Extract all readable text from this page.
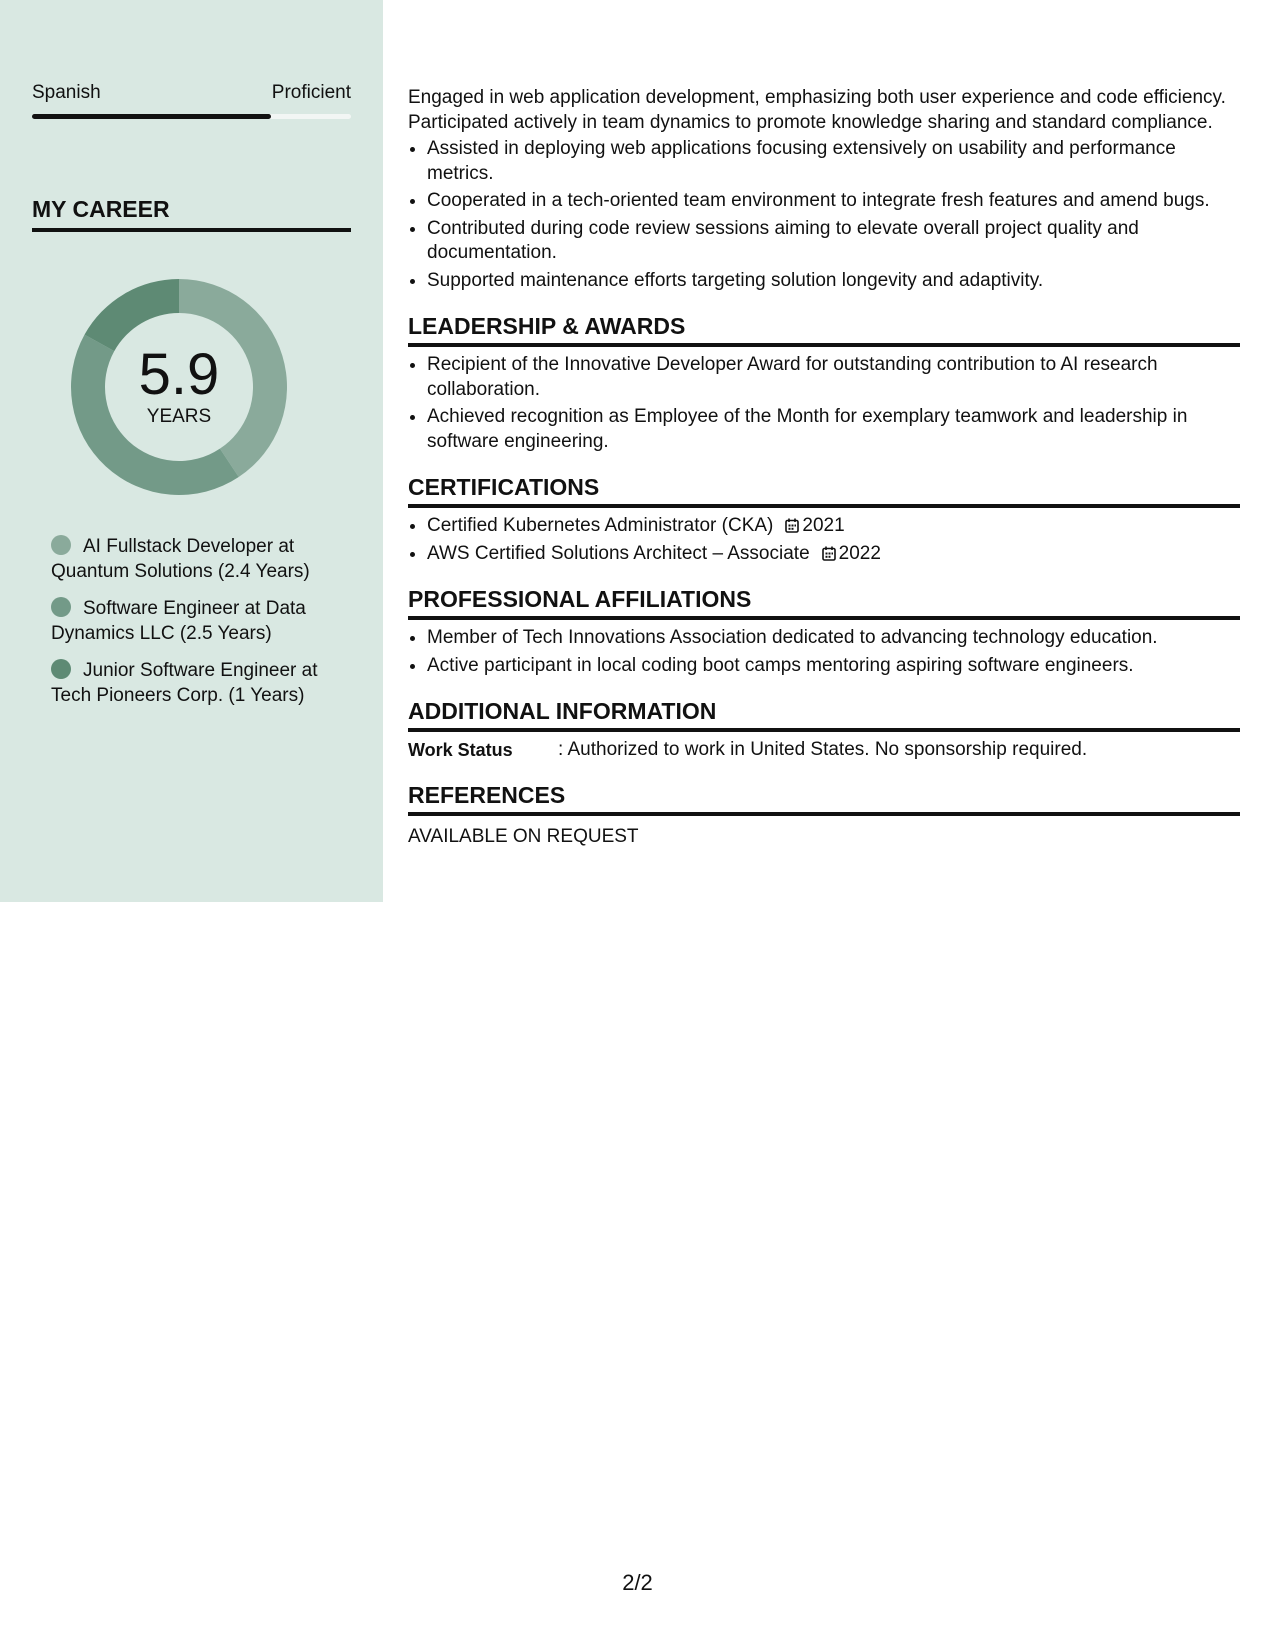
Spanish	Proficient
MY CAREER
5.9
YEARS
AI Fullstack Developer at Quantum Solutions (2.4 Years)
Software Engineer at Data Dynamics LLC (2.5 Years)
Junior Software Engineer at Tech Pioneers Corp. (1 Years)

Engaged in web application development, emphasizing both user experience and code efficiency. Participated actively in team dynamics to promote knowledge sharing and standard compliance.

• Assisted in deploying web applications focusing extensively on usability and performance metrics.
• Cooperated in a tech-oriented team environment to integrate fresh features and amend bugs.
• Contributed during code review sessions aiming to elevate overall project quality and documentation.
• Supported maintenance efforts targeting solution longevity and adaptivity.
LEADERSHIP & AWARDS
• Recipient of the Innovative Developer Award for outstanding contribution to AI research collaboration.
• Achieved recognition as Employee of the Month for exemplary teamwork and leadership in software engineering.
CERTIFICATIONS
• Certified Kubernetes Administrator (CKA) 2021
• AWS Certified Solutions Architect – Associate 2022
PROFESSIONAL AFFILIATIONS
• Member of Tech Innovations Association dedicated to advancing technology education.
• Active participant in local coding boot camps mentoring aspiring software engineers.
ADDITIONAL INFORMATION
Work Status	: Authorized to work in United States. No sponsorship required.
REFERENCES
AVAILABLE ON REQUEST
2/2
